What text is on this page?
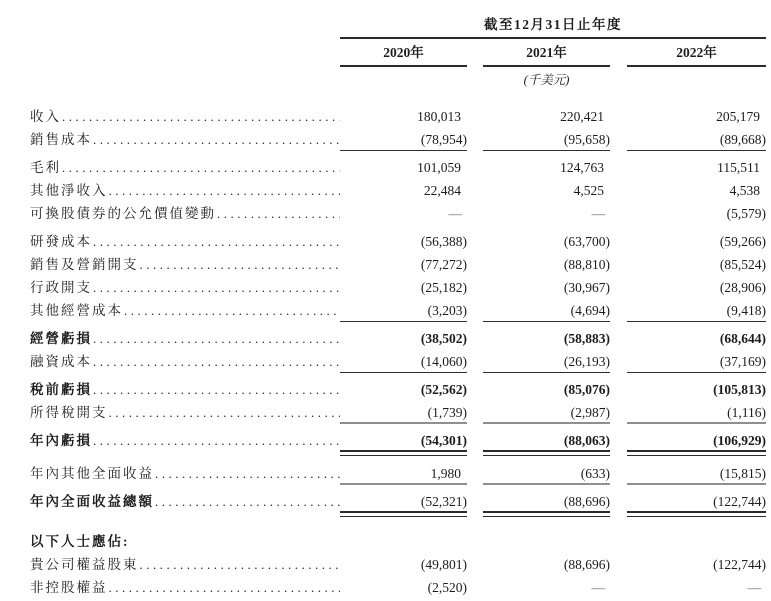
截至12月31日止年度
2020年	2021年	2022年
(千美元)
收入 .....	180,013	220,421	205,179
銷售成本 .....	(78,954)	(95,658)	(89,668)
毛利 .....	101,059	124,763	115,511
其他淨收入 .....	22,484	4,525	4,538
可換股債券的公允價值變動 .....	—	—	(5,579)
研發成本 .....	(56,388)	(63,700)	(59,266)
銷售及營銷開支 .....	(77,272)	(88,810)	(85,524)
行政開支 .....	(25,182)	(30,967)	(28,906)
其他經營成本 .....	(3,203)	(4,694)	(9,418)
經營虧損 .....	(38,502)	(58,883)	(68,644)
融資成本 .....	(14,060)	(26,193)	(37,169)
稅前虧損 .....	(52,562)	(85,076)	(105,813)
所得稅開支 .....	(1,739)	(2,987)	(1,116)
年內虧損 .....	(54,301)	(88,063)	(106,929)
年內其他全面收益 .....	1,980	(633)	(15,815)
年內全面收益總額 .....	(52,321)	(88,696)	(122,744)
以下人士應佔:
貴公司權益股東 .....	(49,801)	(88,696)	(122,744)
非控股權益 .....	(2,520)	—	—
